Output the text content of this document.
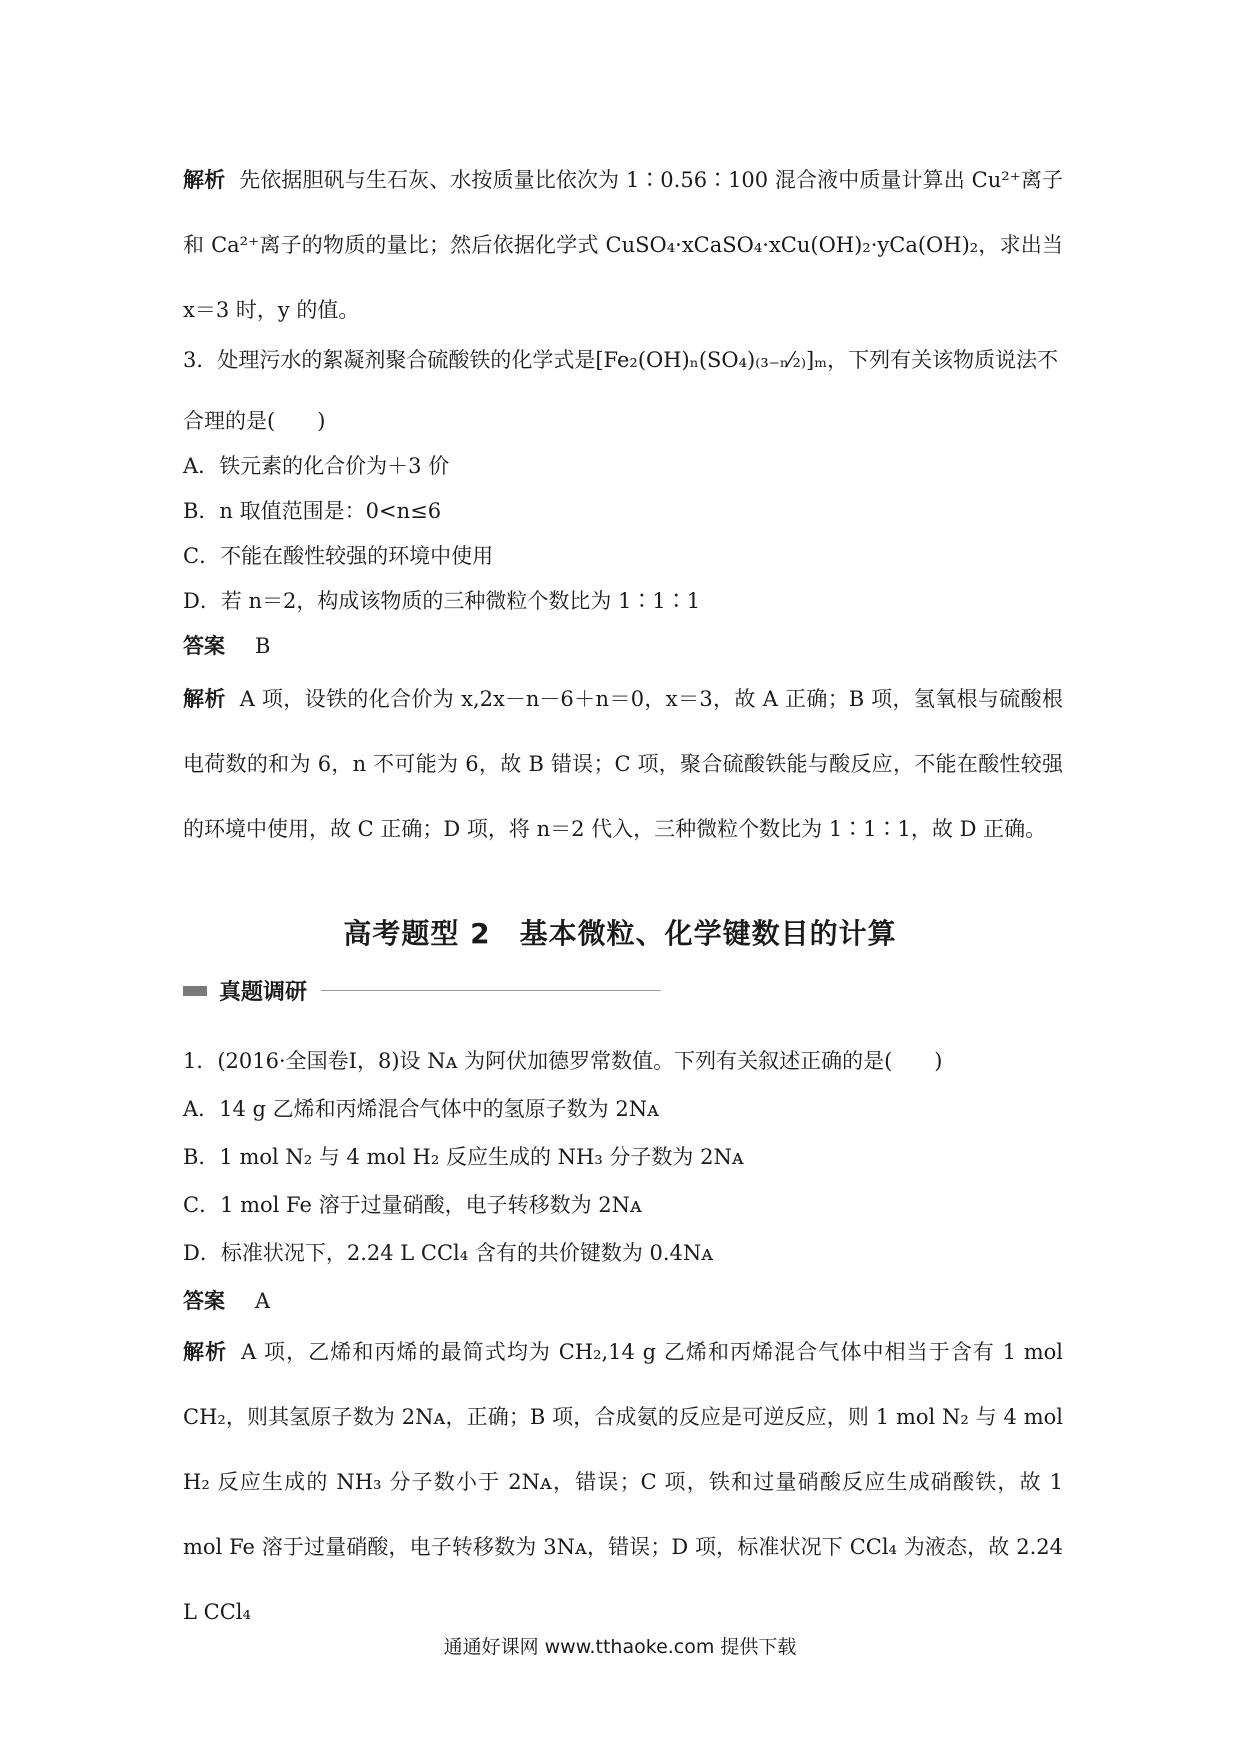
解析 先依据胆矾与生石灰、水按质量比依次为 1∶0.56∶100 混合液中质量计算出 Cu²⁺离子和 Ca²⁺离子的物质的量比；然后依据化学式 CuSO₄·xCaSO₄·xCu(OH)₂·yCa(OH)₂，求出当 x＝3 时，y 的值。

3．处理污水的絮凝剂聚合硫酸铁的化学式是[Fe₂(OH)ₙ(SO₄)₍₃₋ₙ⁄₂₎]ₘ，下列有关该物质说法不

合理的是(　　)

A．铁元素的化合价为＋3 价

B．n 取值范围是：0<n≤6

C．不能在酸性较强的环境中使用

D．若 n＝2，构成该物质的三种微粒个数比为 1∶1∶1

答案 B

解析 A 项，设铁的化合价为 x,2x－n－6＋n＝0，x＝3，故 A 正确；B 项，氢氧根与硫酸根电荷数的和为 6，n 不可能为 6，故 B 错误；C 项，聚合硫酸铁能与酸反应，不能在酸性较强的环境中使用，故 C 正确；D 项，将 n＝2 代入，三种微粒个数比为 1∶1∶1，故 D 正确。

高考题型 2　基本微粒、化学键数目的计算
真题调研

1．(2016·全国卷Ⅰ，8)设 Nᴀ 为阿伏加德罗常数值。下列有关叙述正确的是(　　)

A．14 g 乙烯和丙烯混合气体中的氢原子数为 2Nᴀ

B．1 mol N₂ 与 4 mol H₂ 反应生成的 NH₃ 分子数为 2Nᴀ

C．1 mol Fe 溶于过量硝酸，电子转移数为 2Nᴀ

D．标准状况下，2.24 L CCl₄ 含有的共价键数为 0.4Nᴀ

答案 A

解析 A 项，乙烯和丙烯的最简式均为 CH₂,14 g 乙烯和丙烯混合气体中相当于含有 1 mol CH₂，则其氢原子数为 2Nᴀ，正确；B 项，合成氨的反应是可逆反应，则 1 mol N₂ 与 4 mol H₂ 反应生成的 NH₃ 分子数小于 2Nᴀ，错误；C 项，铁和过量硝酸反应生成硝酸铁，故 1 mol Fe 溶于过量硝酸，电子转移数为 3Nᴀ，错误；D 项，标准状况下 CCl₄ 为液态，故 2.24 L CCl₄

通通好课网 www.tthaoke.com 提供下载
